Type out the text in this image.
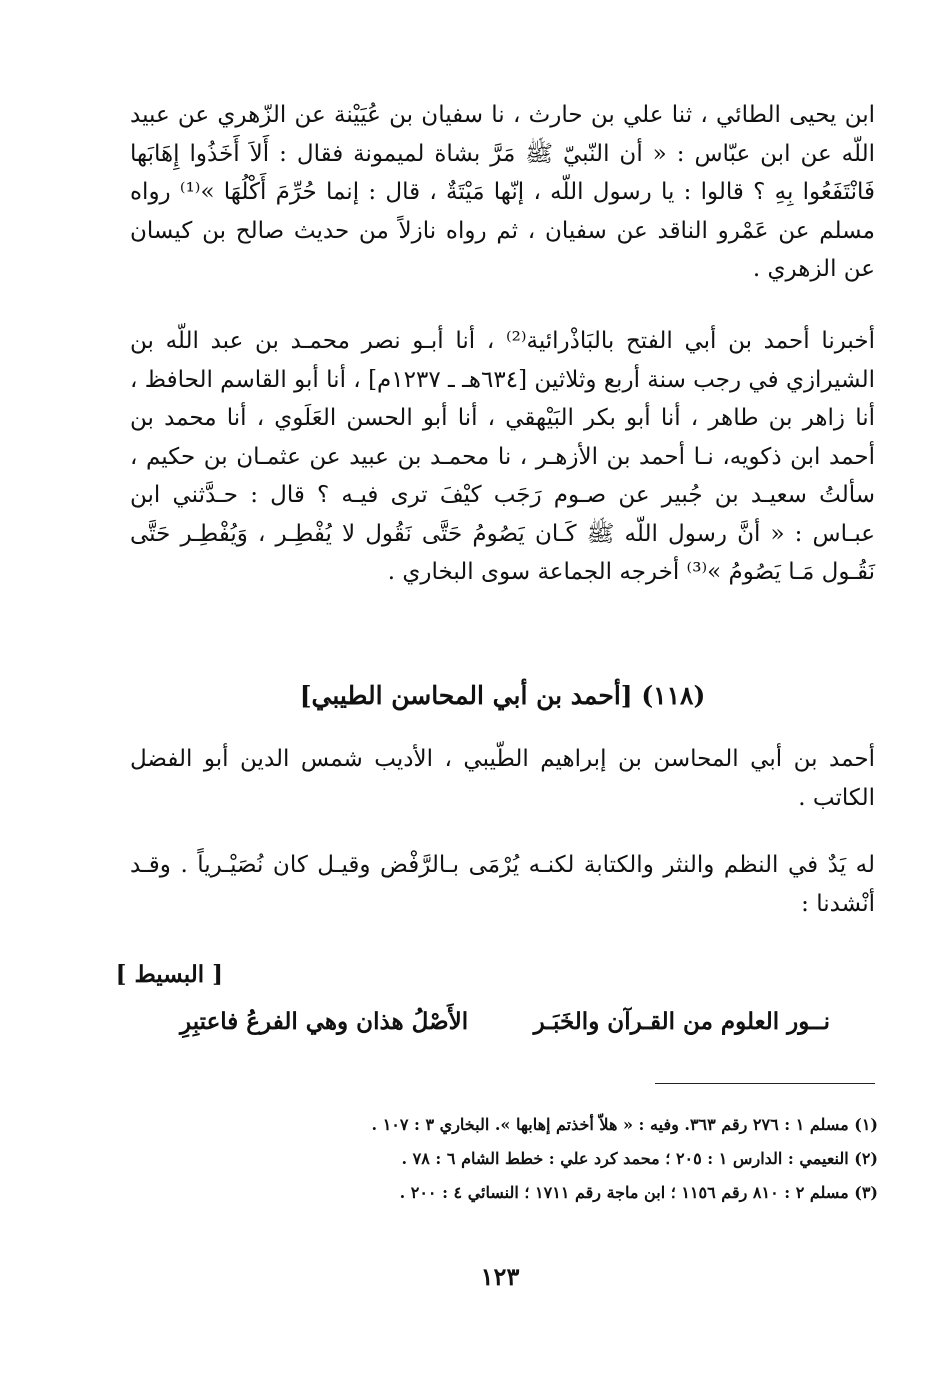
ابن يحيى الطائي ، ثنا علي بن حارث ، نا سفيان بن عُيَيْنة عن الزّهري عن عبيد اللّه عن ابن عبّاس : « أن النّبيّ ﷺ مَرَّ بشاة لميمونة فقال : أَلاَ أَخَذُوا إِهَابَها فَانْتَفَعُوا بِهِ ؟ قالوا : يا رسول اللّه ، إنّها مَيْتَةٌ ، قال : إنما حُرِّمَ أَكْلُهَا »⁽¹⁾ رواه مسلم عن عَمْرو الناقد عن سفيان ، ثم رواه نازلاً من حديث صالح بن كيسان عن الزهري .

أخبرنا أحمد بن أبي الفتح بالبَاذْرائية⁽²⁾ ، أنا أبـو نصر محمـد بن عبد اللّه بن الشيرازي في رجب سنة أربع وثلاثين [٦٣٤هـ ـ ١٢٣٧م] ، أنا أبو القاسم الحافظ ، أنا زاهر بن طاهر ، أنا أبو بكر البَيْهقي ، أنا أبو الحسن العَلَوي ، أنا محمد بن أحمد ابن ذكويه، نـا أحمد بن الأزهـر ، نا محمـد بن عبيد عن عثمـان بن حكيم ، سألتُ سعيـد بن جُبير عن صـوم رَجَب كيْفَ ترى فيـه ؟ قال : حـدَّثني ابن عبـاس : « أنَّ رسول اللّه ﷺ كَـان يَصُومُ حَتَّى نَقُول لا يُفْطِـر ، وَيُفْطِـر حَتَّى نَقُـول مَـا يَصُومُ »⁽³⁾ أخرجه الجماعة سوى البخاري .

(١١٨) [أحمد بن أبي المحاسن الطيبي]

أحمد بن أبي المحاسن بن إبراهيم الطّيبي ، الأديب شمس الدين أبو الفضل الكاتب .

له يَدٌ في النظم والنثر والكتابة لكنـه يُرْمَى بـالرَّفْض وقيـل كان نُصَيْـرياً . وقـد أنْشدنا :

[ البسيط ]
نــور العلوم من القـرآن والخَبَـر
الأَصْلُ هذان وهي الفرعُ فاعتبِرِ

(١) مسلم ١ : ٢٧٦ رقم ٣٦٣. وفيه : « هلاّ أخذتم إهابها ». البخاري ٣ : ١٠٧ .

(٢) النعيمي : الدارس ١ : ٢٠٥ ؛ محمد كرد علي : خطط الشام ٦ : ٧٨ .

(٣) مسلم ٢ : ٨١٠ رقم ١١٥٦ ؛ ابن ماجة رقم ١٧١١ ؛ النسائي ٤ : ٢٠٠ .

١٢٣
